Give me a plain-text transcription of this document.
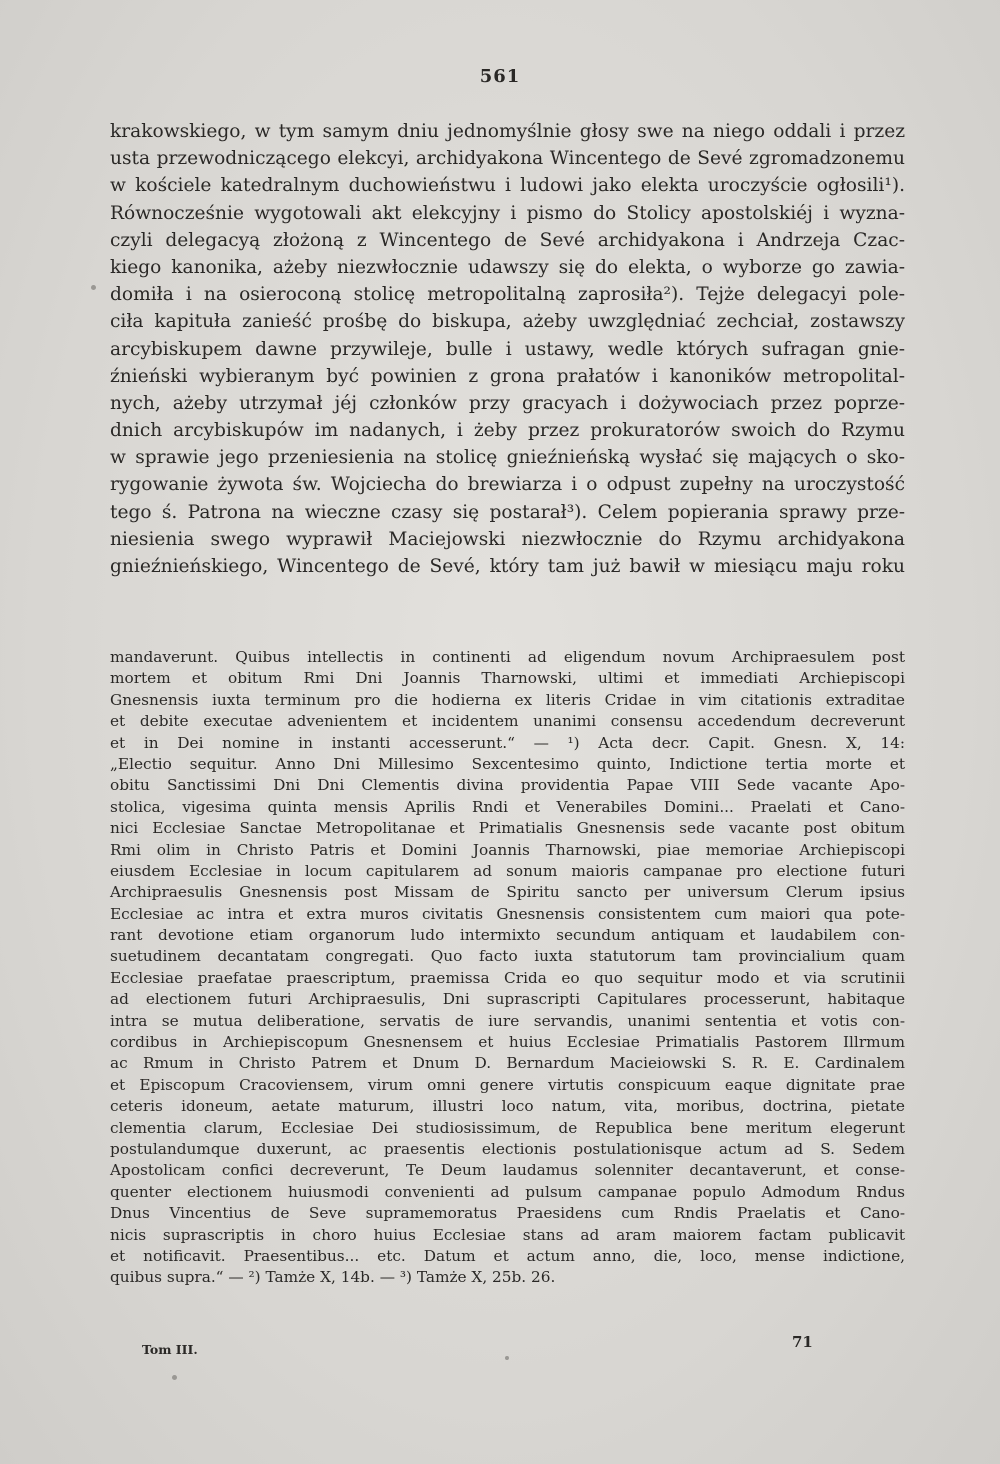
561
krakowskiego, w tym samym dniu jednomyślnie głosy swe na niego oddali i przez
usta przewodniczącego elekcyi, archidyakona Wincentego de Sevé zgromadzonemu
w kościele katedralnym duchowieństwu i ludowi jako elekta uroczyście ogłosili¹).
Równocześnie wygotowali akt elekcyjny i pismo do Stolicy apostolskiéj i wyzna-
czyli delegacyą złożoną z Wincentego de Sevé archidyakona i Andrzeja Czac-
kiego kanonika, ażeby niezwłocznie udawszy się do elekta, o wyborze go zawia-
domiła i na osieroconą stolicę metropolitalną zaprosiła²). Tejże delegacyi pole-
ciła kapituła zanieść prośbę do biskupa, ażeby uwzględniać zechciał, zostawszy
arcybiskupem dawne przywileje, bulle i ustawy, wedle których sufragan gnie-
źnieński wybieranym być powinien z grona prałatów i kanoników metropolital-
nych, ażeby utrzymał jéj członków przy gracyach i dożywociach przez poprze-
dnich arcybiskupów im nadanych, i żeby przez prokuratorów swoich do Rzymu
w sprawie jego przeniesienia na stolicę gnieźnieńską wysłać się mających o sko-
rygowanie żywota św. Wojciecha do brewiarza i o odpust zupełny na uroczystość
tego ś. Patrona na wieczne czasy się postarał³). Celem popierania sprawy prze-
niesienia swego wyprawił Maciejowski niezwłocznie do Rzymu archidyakona
gnieźnieńskiego, Wincentego de Sevé, który tam już bawił w miesiącu maju roku
mandaverunt. Quibus intellectis in continenti ad eligendum novum Archipraesulem post
mortem et obitum Rmi Dni Joannis Tharnowski, ultimi et immediati Archiepiscopi
Gnesnensis iuxta terminum pro die hodierna ex literis Cridae in vim citationis extraditae
et debite executae advenientem et incidentem unanimi consensu accedendum decreverunt
et in Dei nomine in instanti accesserunt.“ — ¹) Acta decr. Capit. Gnesn. X, 14:
„Electio sequitur. Anno Dni Millesimo Sexcentesimo quinto, Indictione tertia morte et
obitu Sanctissimi Dni Dni Clementis divina providentia Papae VIII Sede vacante Apo-
stolica, vigesima quinta mensis Aprilis Rndi et Venerabiles Domini... Praelati et Cano-
nici Ecclesiae Sanctae Metropolitanae et Primatialis Gnesnensis sede vacante post obitum
Rmi olim in Christo Patris et Domini Joannis Tharnowski, piae memoriae Archiepiscopi
eiusdem Ecclesiae in locum capitularem ad sonum maioris campanae pro electione futuri
Archipraesulis Gnesnensis post Missam de Spiritu sancto per universum Clerum ipsius
Ecclesiae ac intra et extra muros civitatis Gnesnensis consistentem cum maiori qua pote-
rant devotione etiam organorum ludo intermixto secundum antiquam et laudabilem con-
suetudinem decantatam congregati. Quo facto iuxta statutorum tam provincialium quam
Ecclesiae praefatae praescriptum, praemissa Crida eo quo sequitur modo et via scrutinii
ad electionem futuri Archipraesulis, Dni suprascripti Capitulares processerunt, habitaque
intra se mutua deliberatione, servatis de iure servandis, unanimi sententia et votis con-
cordibus in Archiepiscopum Gnesnensem et huius Ecclesiae Primatialis Pastorem Illrmum
ac Rmum in Christo Patrem et Dnum D. Bernardum Macieiowski S. R. E. Cardinalem
et Episcopum Cracoviensem, virum omni genere virtutis conspicuum eaque dignitate prae
ceteris idoneum, aetate maturum, illustri loco natum, vita, moribus, doctrina, pietate
clementia clarum, Ecclesiae Dei studiosissimum, de Republica bene meritum elegerunt
postulandumque duxerunt, ac praesentis electionis postulationisque actum ad S. Sedem
Apostolicam confici decreverunt, Te Deum laudamus solenniter decantaverunt, et conse-
quenter electionem huiusmodi convenienti ad pulsum campanae populo Admodum Rndus
Dnus Vincentius de Seve supramemoratus Praesidens cum Rndis Praelatis et Cano-
nicis suprascriptis in choro huius Ecclesiae stans ad aram maiorem factam publicavit
et notificavit. Praesentibus... etc. Datum et actum anno, die, loco, mense indictione,
quibus supra.“ — ²) Tamże X, 14b. — ³) Tamże X, 25b. 26.
Tom III.	71
